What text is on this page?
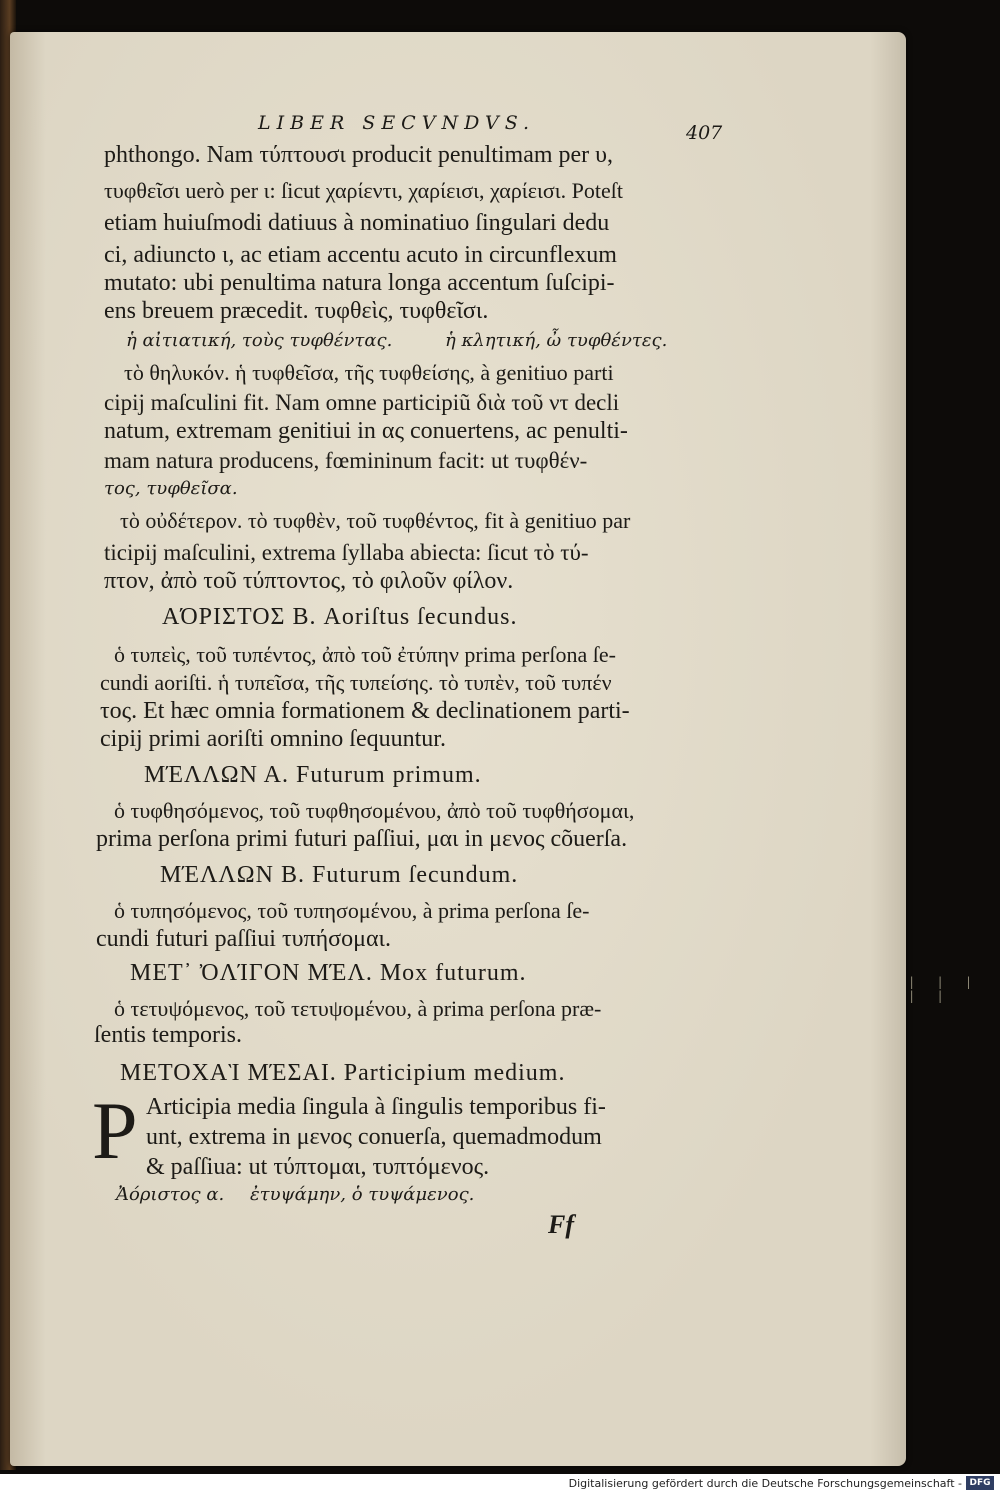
LIBER SECVNDVS.	407
phthongo. Nam τύπτουσι producit penultimam per υ,
τυφθεῖσι uerò per ι: ſicut χαρίεντι, χαρίεισι, χαρίεισι. Poteſt
etiam huiuſmodi datiuus à nominatiuo ſingulari dedu
ci, adiuncto ι, ac etiam accentu acuto in circunflexum
mutato: ubi penultima natura longa accentum ſuſcipi-
ens breuem præcedit. τυφθεὶς, τυφθεῖσι.
ἡ αἰτιατική, τοὺς τυφθέντας.	ἡ κλητική, ὦ τυφθέντες.
τὸ θηλυκόν. ἡ τυφθεῖσα, τῆς τυφθείσης, à genitiuo parti
cipij maſculini fit. Nam omne participiũ διὰ τοῦ ντ decli
natum, extremam genitiui in ας conuertens, ac penulti-
mam natura producens, fœmininum facit: ut τυφθέν-
τος, τυφθεῖσα.
τὸ οὐδέτερον. τὸ τυφθὲν, τοῦ τυφθέντος, fit à genitiuo par
ticipij maſculini, extrema ſyllaba abiecta: ſicut τὸ τύ-
πτον, ἀπὸ τοῦ τύπτοντος, τὸ φιλοῦν φίλον.
ΑΌΡΙΣΤΟΣ Β. Aoriſtus ſecundus.
ὁ τυπεὶς, τοῦ τυπέντος, ἀπὸ τοῦ ἐτύπην prima perſona ſe-
cundi aoriſti. ἡ τυπεῖσα, τῆς τυπείσης. τὸ τυπὲν, τοῦ τυπέν
τος. Et hæc omnia formationem & declinationem parti-
cipij primi aoriſti omnino ſequuntur.
ΜΈΛΛΩΝ Α. Futurum primum.
ὁ τυφθησόμενος, τοῦ τυφθησομένου, ἀπὸ τοῦ τυφθήσομαι,
prima perſona primi futuri paſſiui, μαι in μενος cõuerſa.
ΜΈΛΛΩΝ Β. Futurum ſecundum.
ὁ τυπησόμενος, τοῦ τυπησομένου, à prima perſona ſe-
cundi futuri paſſiui τυπήσομαι.
ΜΕΤ᾿ ὈΛΊΓΟΝ ΜΈΛ. Mox futurum.
ὁ τετυψόμενος, τοῦ τετυψομένου, à prima perſona præ-
ſentis temporis.
ΜΕΤΟΧΑῚ ΜΈΣΑΙ. Participium medium.
P Articipia media ſingula à ſingulis temporibus fi-
unt, extrema in μενος conuerſa, quemadmodum
& paſſiua: ut τύπτομαι, τυπτόμενος.
Ἀόριστος α. ἐτυψάμην, ὁ τυψάμενος.
Ff
| | | | |
Digitalisierung gefördert durch die Deutsche Forschungsgemeinschaft - DFG
